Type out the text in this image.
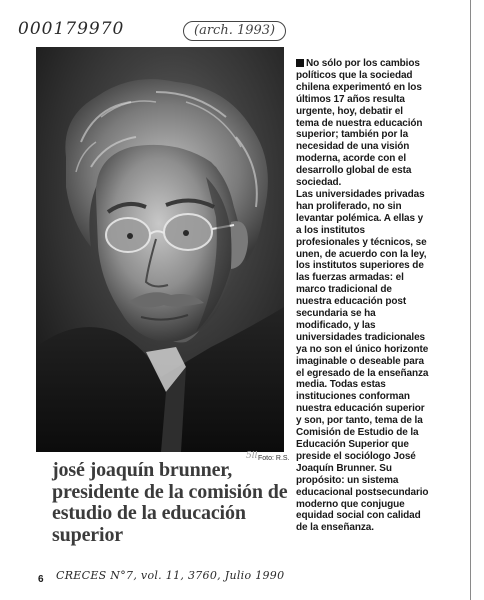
000179970	(arch. 1993)
5ll Foto: R.S.
josé joaquín brunner,
presidente de la comisión de
estudio de la educación
superior
No sólo por los cambios
políticos que la sociedad
chilena experimentó en los
últimos 17 años resulta
urgente, hoy, debatir el
tema de nuestra educación
superior; también por la
necesidad de una visión
moderna, acorde con el
desarrollo global de esta
sociedad.
Las universidades privadas
han proliferado, no sin
levantar polémica. A ellas y
a los institutos
profesionales y técnicos, se
unen, de acuerdo con la ley,
los institutos superiores de
las fuerzas armadas: el
marco tradicional de
nuestra educación post
secundaria se ha
modificado, y las
universidades tradicionales
ya no son el único horizonte
imaginable o deseable para
el egresado de la enseñanza
media. Todas estas
instituciones conforman
nuestra educación superior
y son, por tanto, tema de la
Comisión de Estudio de la
Educación Superior que
preside el sociólogo José
Joaquín Brunner. Su
propósito: un sistema
educacional postsecundario
moderno que conjugue
equidad social con calidad
de la enseñanza.
6 CRECES N°7, vol. 11, 3760, Julio 1990
